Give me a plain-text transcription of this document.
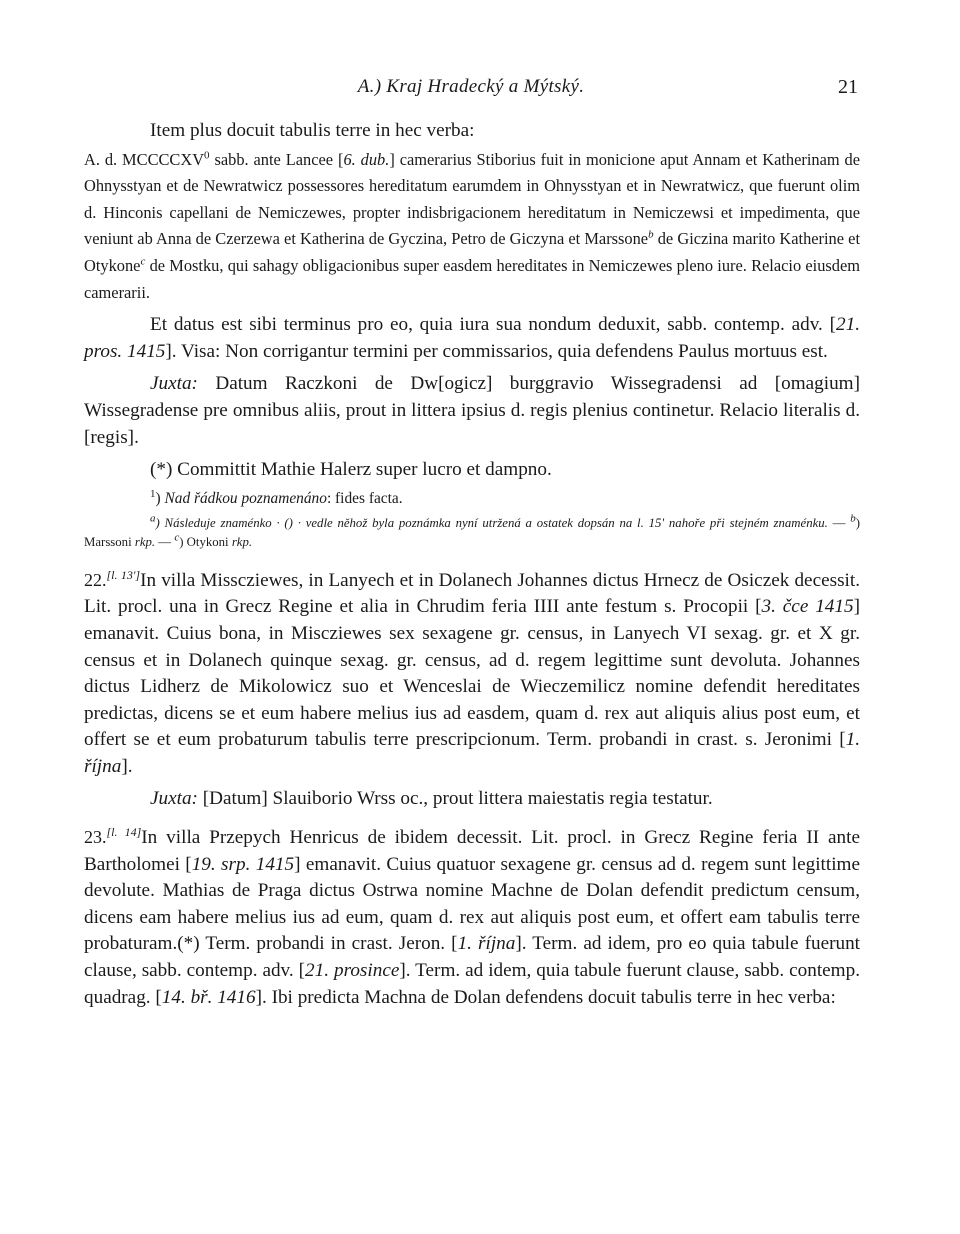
A.) Kraj Hradecký a Mýtský.	21

Item plus docuit tabulis terre in hec verba:

A. d. MCCCCXV$^0$ sabb. ante Lancee [6. dub.] camerarius Stiborius fuit in monicione aput Annam et Katherinam de Ohnysstyan et de Newratwicz possessores hereditatum earumdem in Ohnysstyan et in Newratwicz, que fuerunt olim d. Hinconis capellani de Nemiczewes, propter indisbrigacionem hereditatum in Nemiczewsi et impedimenta, que veniunt ab Anna de Czerzewa et Katherina de Gyczina, Petro de Giczyna et Marssone$^b$ de Giczina marito Katherine et Otykone$^c$ de Mostku, qui sahagy obligacionibus super easdem hereditates in Nemiczewes pleno iure. Relacio eiusdem camerarii.

Et datus est sibi terminus pro eo, quia iura sua nondum deduxit, sabb. contemp. adv. [21. pros. 1415]. Visa: Non corrigantur termini per commissarios, quia defendens Paulus mortuus est.

Juxta: Datum Raczkoni de Dw[ogicz] burggravio Wissegradensi ad [omagium] Wissegradense pre omnibus aliis, prout in littera ipsius d. regis plenius continetur. Relacio literalis d. [regis].

(*) Committit Mathie Halerz super lucro et dampno.

$^1$) Nad řádkou poznamenáno: fides facta.

$^a$) Následuje znaménko · () · vedle něhož byla poznámka nyní utržená a ostatek dopsán na l. 15' nahoře při stejném znaménku. — $^b$) Marssoni rkp. — $^c$) Otykoni rkp.

22.[l. 13']In villa Misscziewes, in Lanyech et in Dolanech Johannes dictus Hrnecz de Osiczek decessit. Lit. procl. una in Grecz Regine et alia in Chrudim feria IIII ante festum s. Procopii [3. čce 1415] emanavit. Cuius bona, in Miscziewes sex sexagene gr. census, in Lanyech VI sexag. gr. et X gr. census et in Dolanech quinque sexag. gr. census, ad d. regem legittime sunt devoluta. Johannes dictus Lidherz de Mikolowicz suo et Wenceslai de Wieczemilicz nomine defendit hereditates predictas, dicens se et eum habere melius ius ad easdem, quam d. rex aut aliquis alius post eum, et offert se et eum probaturum tabulis terre prescripcionum. Term. probandi in crast. s. Jeronimi [1. října].

Juxta: [Datum] Slauiborio Wrss oc., prout littera maiestatis regia testatur.

23.[l. 14]In villa Przepych Henricus de ibidem decessit. Lit. procl. in Grecz Regine feria II ante Bartholomei [19. srp. 1415] emanavit. Cuius quatuor sexagene gr. census ad d. regem sunt legittime devolute. Mathias de Praga dictus Ostrwa nomine Machne de Dolan defendit predictum censum, dicens eam habere melius ius ad eum, quam d. rex aut aliquis post eum, et offert eam tabulis terre probaturam.(*) Term. probandi in crast. Jeron. [1. října]. Term. ad idem, pro eo quia tabule fuerunt clause, sabb. contemp. adv. [21. prosince]. Term. ad idem, quia tabule fuerunt clause, sabb. contemp. quadrag. [14. bř. 1416]. Ibi predicta Machna de Dolan defendens docuit tabulis terre in hec verba:
